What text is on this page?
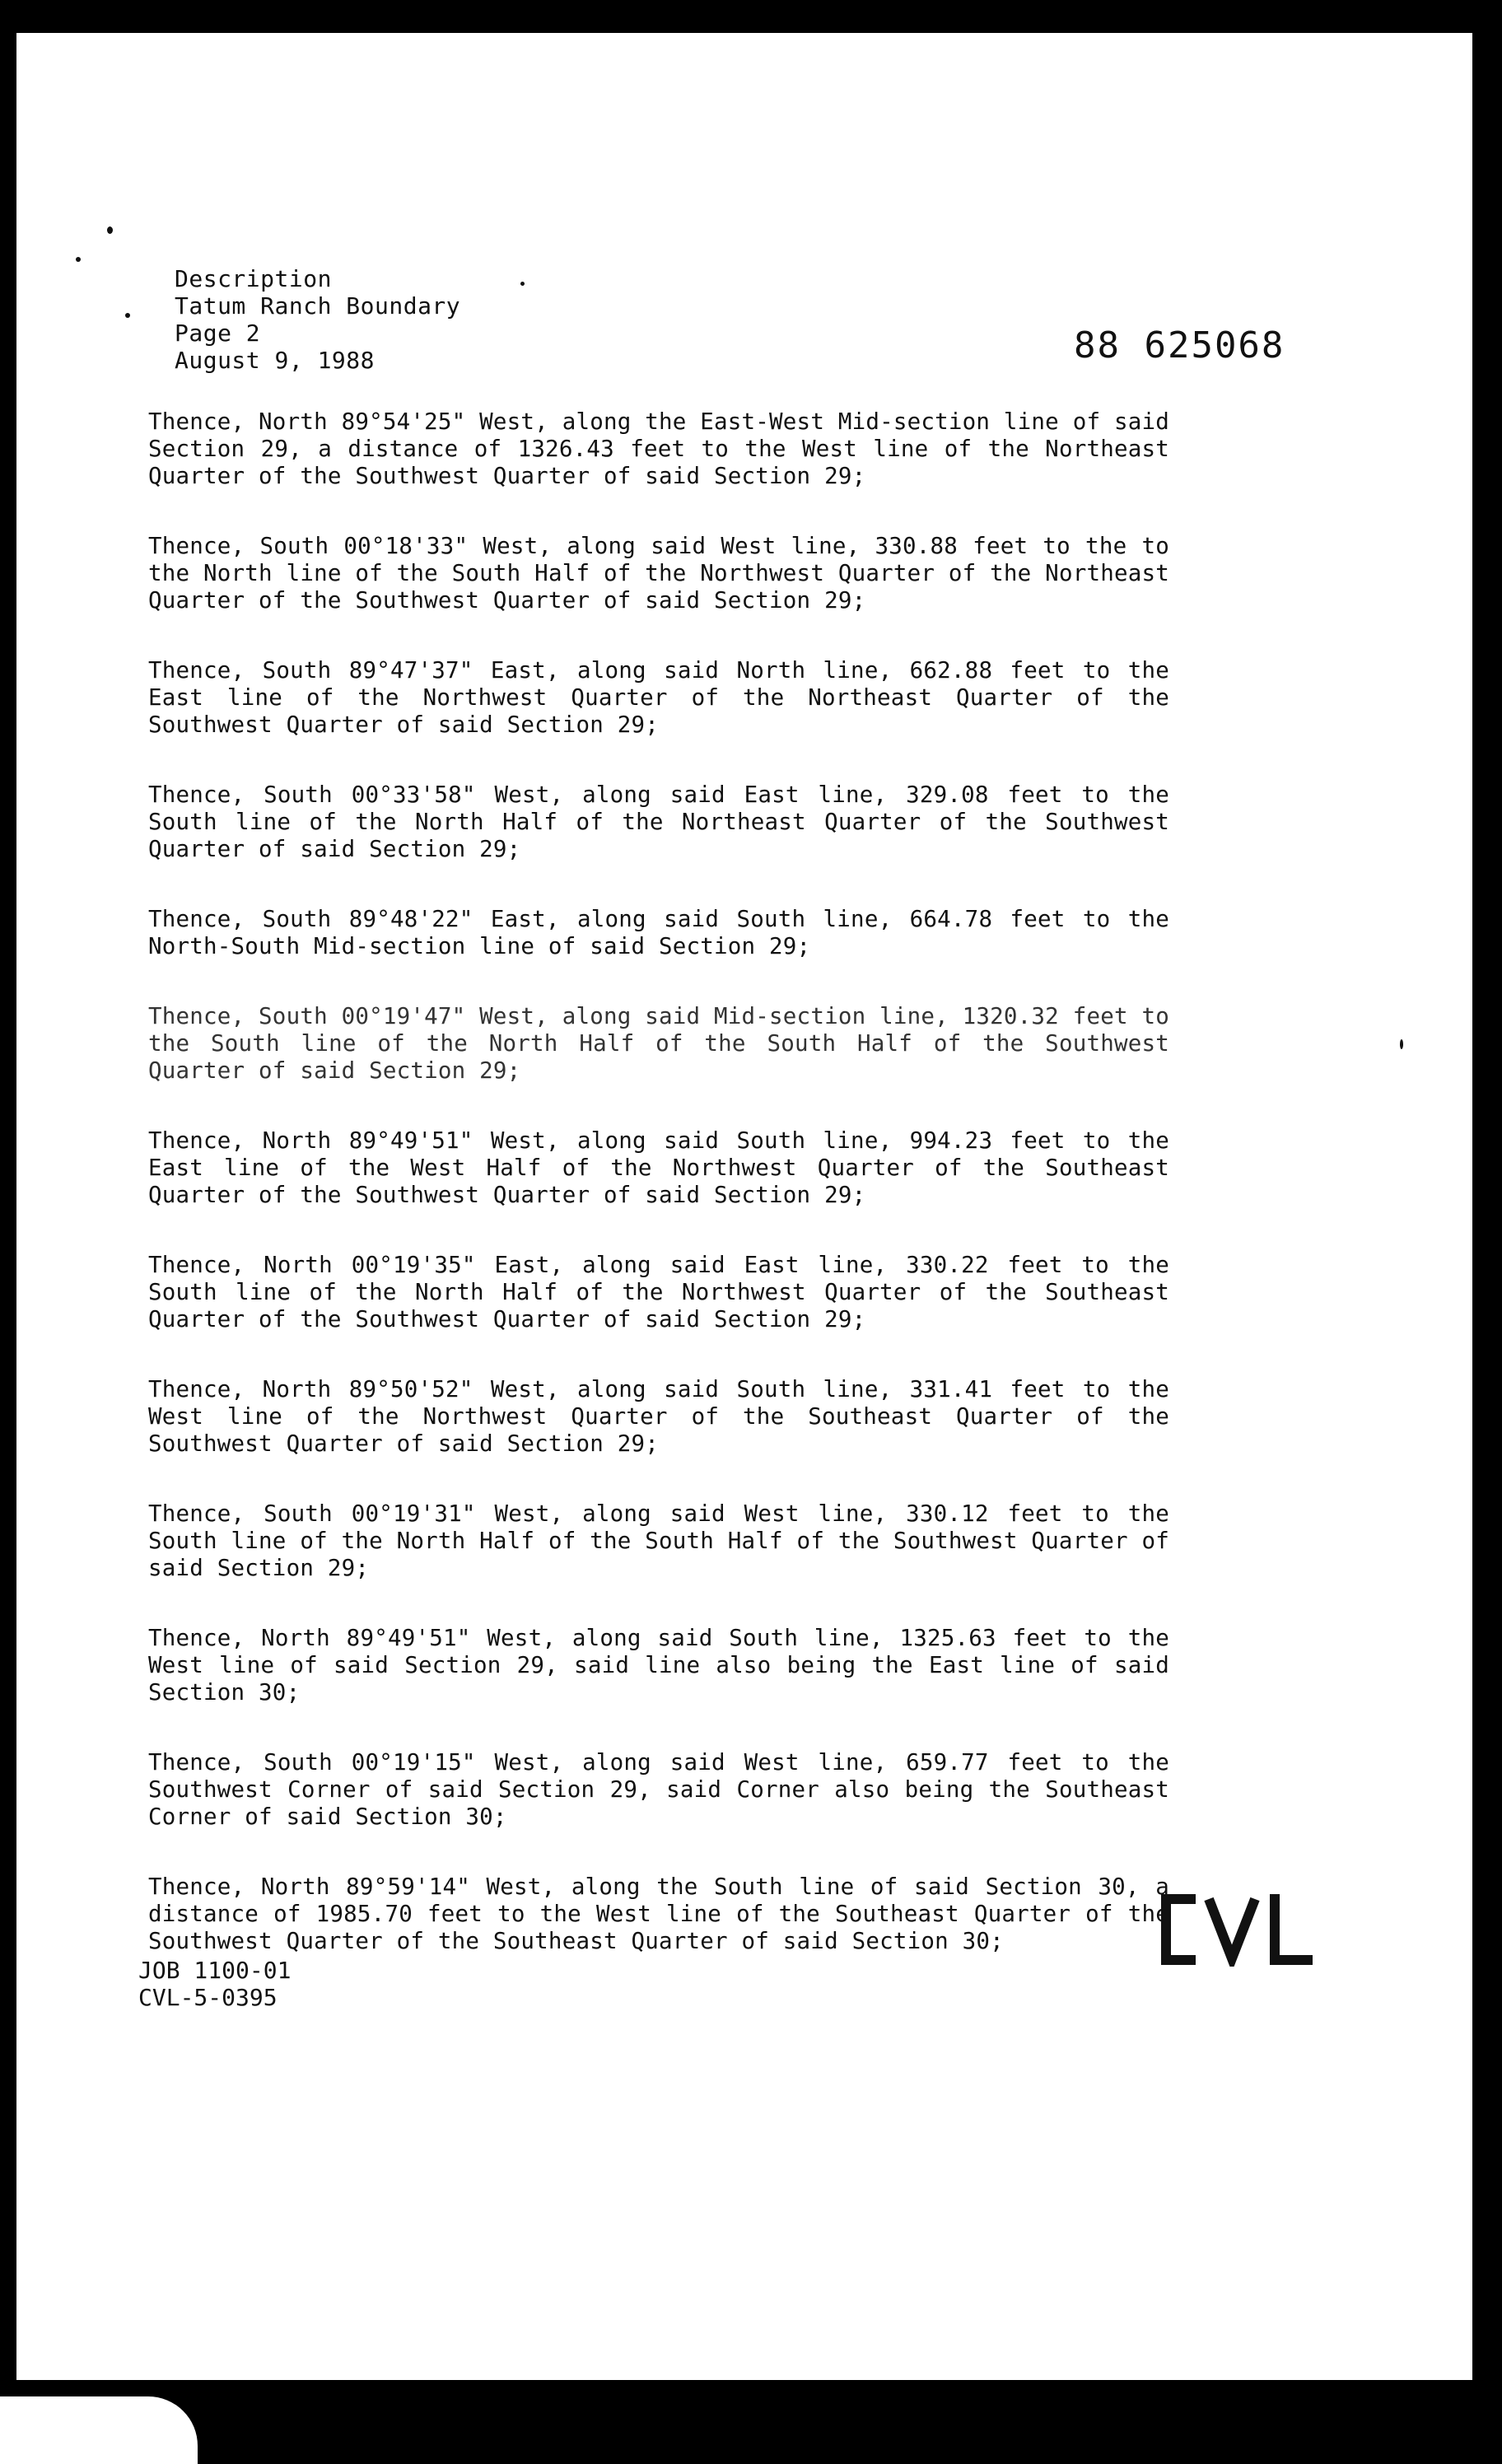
Description
Tatum Ranch Boundary
Page 2
August 9, 1988	88 625068

Thence, North 89°54'25" West, along the East-West Mid-section line of said Section 29, a distance of 1326.43 feet to the West line of the Northeast Quarter of the Southwest Quarter of said Section 29;

Thence, South 00°18'33" West, along said West line, 330.88 feet to the to the North line of the South Half of the Northwest Quarter of the Northeast Quarter of the Southwest Quarter of said Section 29;

Thence, South 89°47'37" East, along said North line, 662.88 feet to the East line of the Northwest Quarter of the Northeast Quarter of the Southwest Quarter of said Section 29;

Thence, South 00°33'58" West, along said East line, 329.08 feet to the South line of the North Half of the Northeast Quarter of the Southwest Quarter of said Section 29;

Thence, South 89°48'22" East, along said South line, 664.78 feet to the North-South Mid-section line of said Section 29;

Thence, South 00°19'47" West, along said Mid-section line, 1320.32 feet to the South line of the North Half of the South Half of the Southwest Quarter of said Section 29;

Thence, North 89°49'51" West, along said South line, 994.23 feet to the East line of the West Half of the Northwest Quarter of the Southeast Quarter of the Southwest Quarter of said Section 29;

Thence, North 00°19'35" East, along said East line, 330.22 feet to the South line of the North Half of the Northwest Quarter of the Southeast Quarter of the Southwest Quarter of said Section 29;

Thence, North 89°50'52" West, along said South line, 331.41 feet to the West line of the Northwest Quarter of the Southeast Quarter of the Southwest Quarter of said Section 29;

Thence, South 00°19'31" West, along said West line, 330.12 feet to the South line of the North Half of the South Half of the Southwest Quarter of said Section 29;

Thence, North 89°49'51" West, along said South line, 1325.63 feet to the West line of said Section 29, said line also being the East line of said Section 30;

Thence, South 00°19'15" West, along said West line, 659.77 feet to the Southwest Corner of said Section 29, said Corner also being the Southeast Corner of said Section 30;

Thence, North 89°59'14" West, along the South line of said Section 30, a distance of 1985.70 feet to the West line of the Southeast Quarter of the Southwest Quarter of the Southeast Quarter of said Section 30;

JOB 1100-01
CVL-5-0395
